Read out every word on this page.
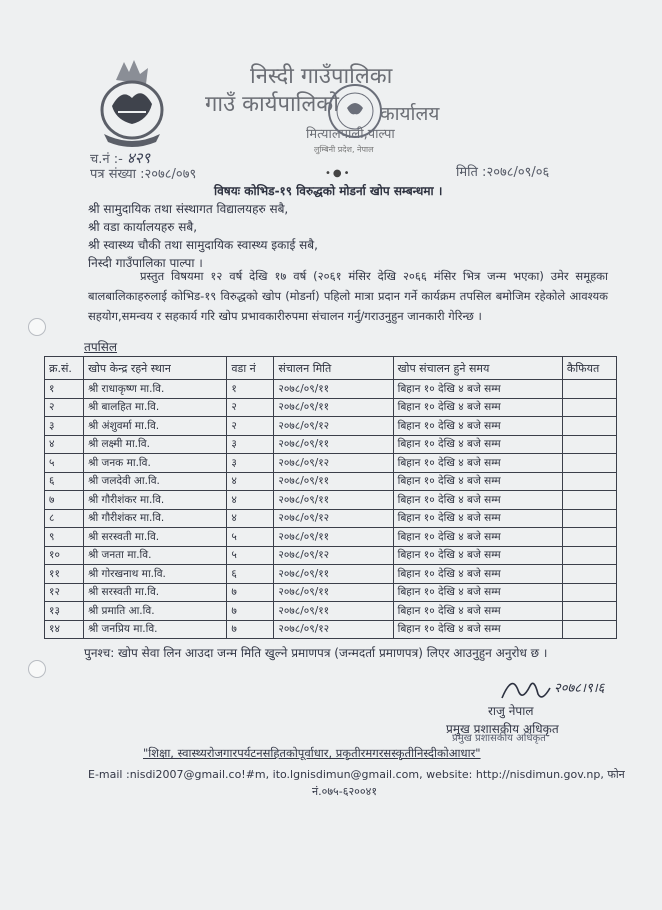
निस्दी गाउँपालिका
गाउँ कार्यपालिको कार्यालय
मित्यालपाली,पाल्पा
लुम्बिनी प्रदेश, नेपाल
च.नं :- ४२९
पत्र संख्या :२०७८/०७९	मिति :२०७८/०९/०६
•●•
विषयः कोभिड-१९ विरुद्धको मोडर्ना खोप सम्बन्धमा ।
श्री सामुदायिक तथा संस्थागत विद्यालयहरु सबै,
श्री वडा कार्यालयहरु सबै,
श्री स्वास्थ्य चौकी तथा सामुदायिक स्वास्थ्य इकाई सबै,
निस्दी गाउँपालिका पाल्पा ।
प्रस्तुत विषयमा १२ वर्ष देखि १७ वर्ष (२०६१ मंसिर देखि २०६६ मंसिर भित्र जन्म भएका) उमेर समूहका बालबालिकाहरुलाई कोभिड-१९ विरुद्धको खोप (मोडर्ना) पहिलो मात्रा प्रदान गर्ने कार्यक्रम तपसिल बमोजिम रहेकोले आवश्यक सहयोग,समन्वय र सहकार्य गरि खोप प्रभावकारीरुपमा संचालन गर्नु/गराउनुहुन जानकारी गेरिन्छ ।
तपसिल
क्र.सं.	खोप केन्द्र रहने स्थान	वडा नं	संचालन मिति	खोप संचालन हुने समय	कैफियत
१	श्री राधाकृष्ण मा.वि.	१	२०७८/०९/११	बिहान १० देखि ४ बजे सम्म	
२	श्री बालहित मा.वि.	२	२०७८/०९/११	बिहान १० देखि ४ बजे सम्म	
३	श्री अंशुवर्मा मा.वि.	२	२०७८/०९/१२	बिहान १० देखि ४ बजे सम्म	
४	श्री लक्ष्मी मा.वि.	३	२०७८/०९/११	बिहान १० देखि ४ बजे सम्म	
५	श्री जनक मा.वि.	३	२०७८/०९/१२	बिहान १० देखि ४ बजे सम्म	
६	श्री जलदेवी आ.वि.	४	२०७८/०९/११	बिहान १० देखि ४ बजे सम्म	
७	श्री गौरीशंकर मा.वि.	४	२०७८/०९/११	बिहान १० देखि ४ बजे सम्म	
८	श्री गौरीशंकर मा.वि.	४	२०७८/०९/१२	बिहान १० देखि ४ बजे सम्म	
९	श्री सरस्वती मा.वि.	५	२०७८/०९/११	बिहान १० देखि ४ बजे सम्म	
१०	श्री जनता मा.वि.	५	२०७८/०९/१२	बिहान १० देखि ४ बजे सम्म	
११	श्री गोरखनाथ मा.वि.	६	२०७८/०९/११	बिहान १० देखि ४ बजे सम्म	
१२	श्री सरस्वती मा.वि.	७	२०७८/०९/११	बिहान १० देखि ४ बजे सम्म	
१३	श्री प्रमाति आ.वि.	७	२०७८/०९/११	बिहान १० देखि ४ बजे सम्म	
१४	श्री जनप्रिय मा.वि.	७	२०७८/०९/१२	बिहान १० देखि ४ बजे सम्म	
पुनश्च: खोप सेवा लिन आउदा जन्म मिति खुल्ने प्रमाणपत्र (जन्मदर्ता प्रमाणपत्र) लिएर आउनुहुन अनुरोध छ ।
२०७८।९।६
राजु नेपाल
प्रमुख प्रशासकीय अधिकृत
प्रमुख प्रशासकीय अधिकृत
"शिक्षा, स्वास्थ्यरोजगारपर्यटनसहितकोपूर्वाधार, प्रकृतीरमगरसस्कृतीनिस्दीकोआधार"
E-mail :nisdi2007@gmail.co!#m, ito.lgnisdimun@gmail.com, website: http://nisdimun.gov.np, फोन
नं.०७५-६२००४१
